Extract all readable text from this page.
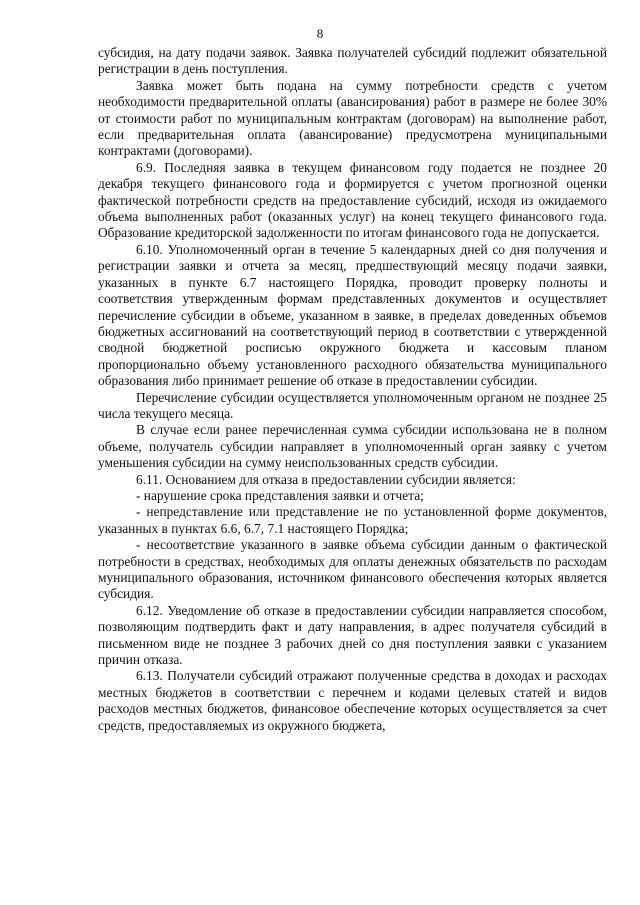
8

субсидия, на дату подачи заявок. Заявка получателей субсидий подлежит обязательной регистрации в день поступления.

Заявка может быть подана на сумму потребности средств с учетом необходимости предварительной оплаты (авансирования) работ в размере не более 30% от стоимости работ по муниципальным контрактам (договорам) на выполнение работ, если предварительная оплата (авансирование) предусмотрена муниципальными контрактами (договорами).

6.9. Последняя заявка в текущем финансовом году подается не позднее 20 декабря текущего финансового года и формируется с учетом прогнозной оценки фактической потребности средств на предоставление субсидий, исходя из ожидаемого объема выполненных работ (оказанных услуг) на конец текущего финансового года. Образование кредиторской задолженности по итогам финансового года не допускается.

6.10. Уполномоченный орган в течение 5 календарных дней со дня получения и регистрации заявки и отчета за месяц, предшествующий месяцу подачи заявки, указанных в пункте 6.7 настоящего Порядка, проводит проверку полноты и соответствия утвержденным формам представленных документов и осуществляет перечисление субсидии в объеме, указанном в заявке, в пределах доведенных объемов бюджетных ассигнований на соответствующий период в соответствии с утвержденной сводной бюджетной росписью окружного бюджета и кассовым планом пропорционально объему установленного расходного обязательства муниципального образования либо принимает решение об отказе в предоставлении субсидии.

Перечисление субсидии осуществляется уполномоченным органом не позднее 25 числа текущего месяца.

В случае если ранее перечисленная сумма субсидии использована не в полном объеме, получатель субсидии направляет в уполномоченный орган заявку с учетом уменьшения субсидии на сумму неиспользованных средств субсидии.

6.11. Основанием для отказа в предоставлении субсидии является:

- нарушение срока представления заявки и отчета;

- непредставление или представление не по установленной форме документов, указанных в пунктах 6.6, 6.7, 7.1 настоящего Порядка;

- несоответствие указанного в заявке объема субсидии данным о фактической потребности в средствах, необходимых для оплаты денежных обязательств по расходам муниципального образования, источником финансового обеспечения которых является субсидия.

6.12. Уведомление об отказе в предоставлении субсидии направляется способом, позволяющим подтвердить факт и дату направления, в адрес получателя субсидий в письменном виде не позднее 3 рабочих дней со дня поступления заявки с указанием причин отказа.

6.13. Получатели субсидий отражают полученные средства в доходах и расходах местных бюджетов в соответствии с перечнем и кодами целевых статей и видов расходов местных бюджетов, финансовое обеспечение которых осуществляется за счет средств, предоставляемых из окружного бюджета,
